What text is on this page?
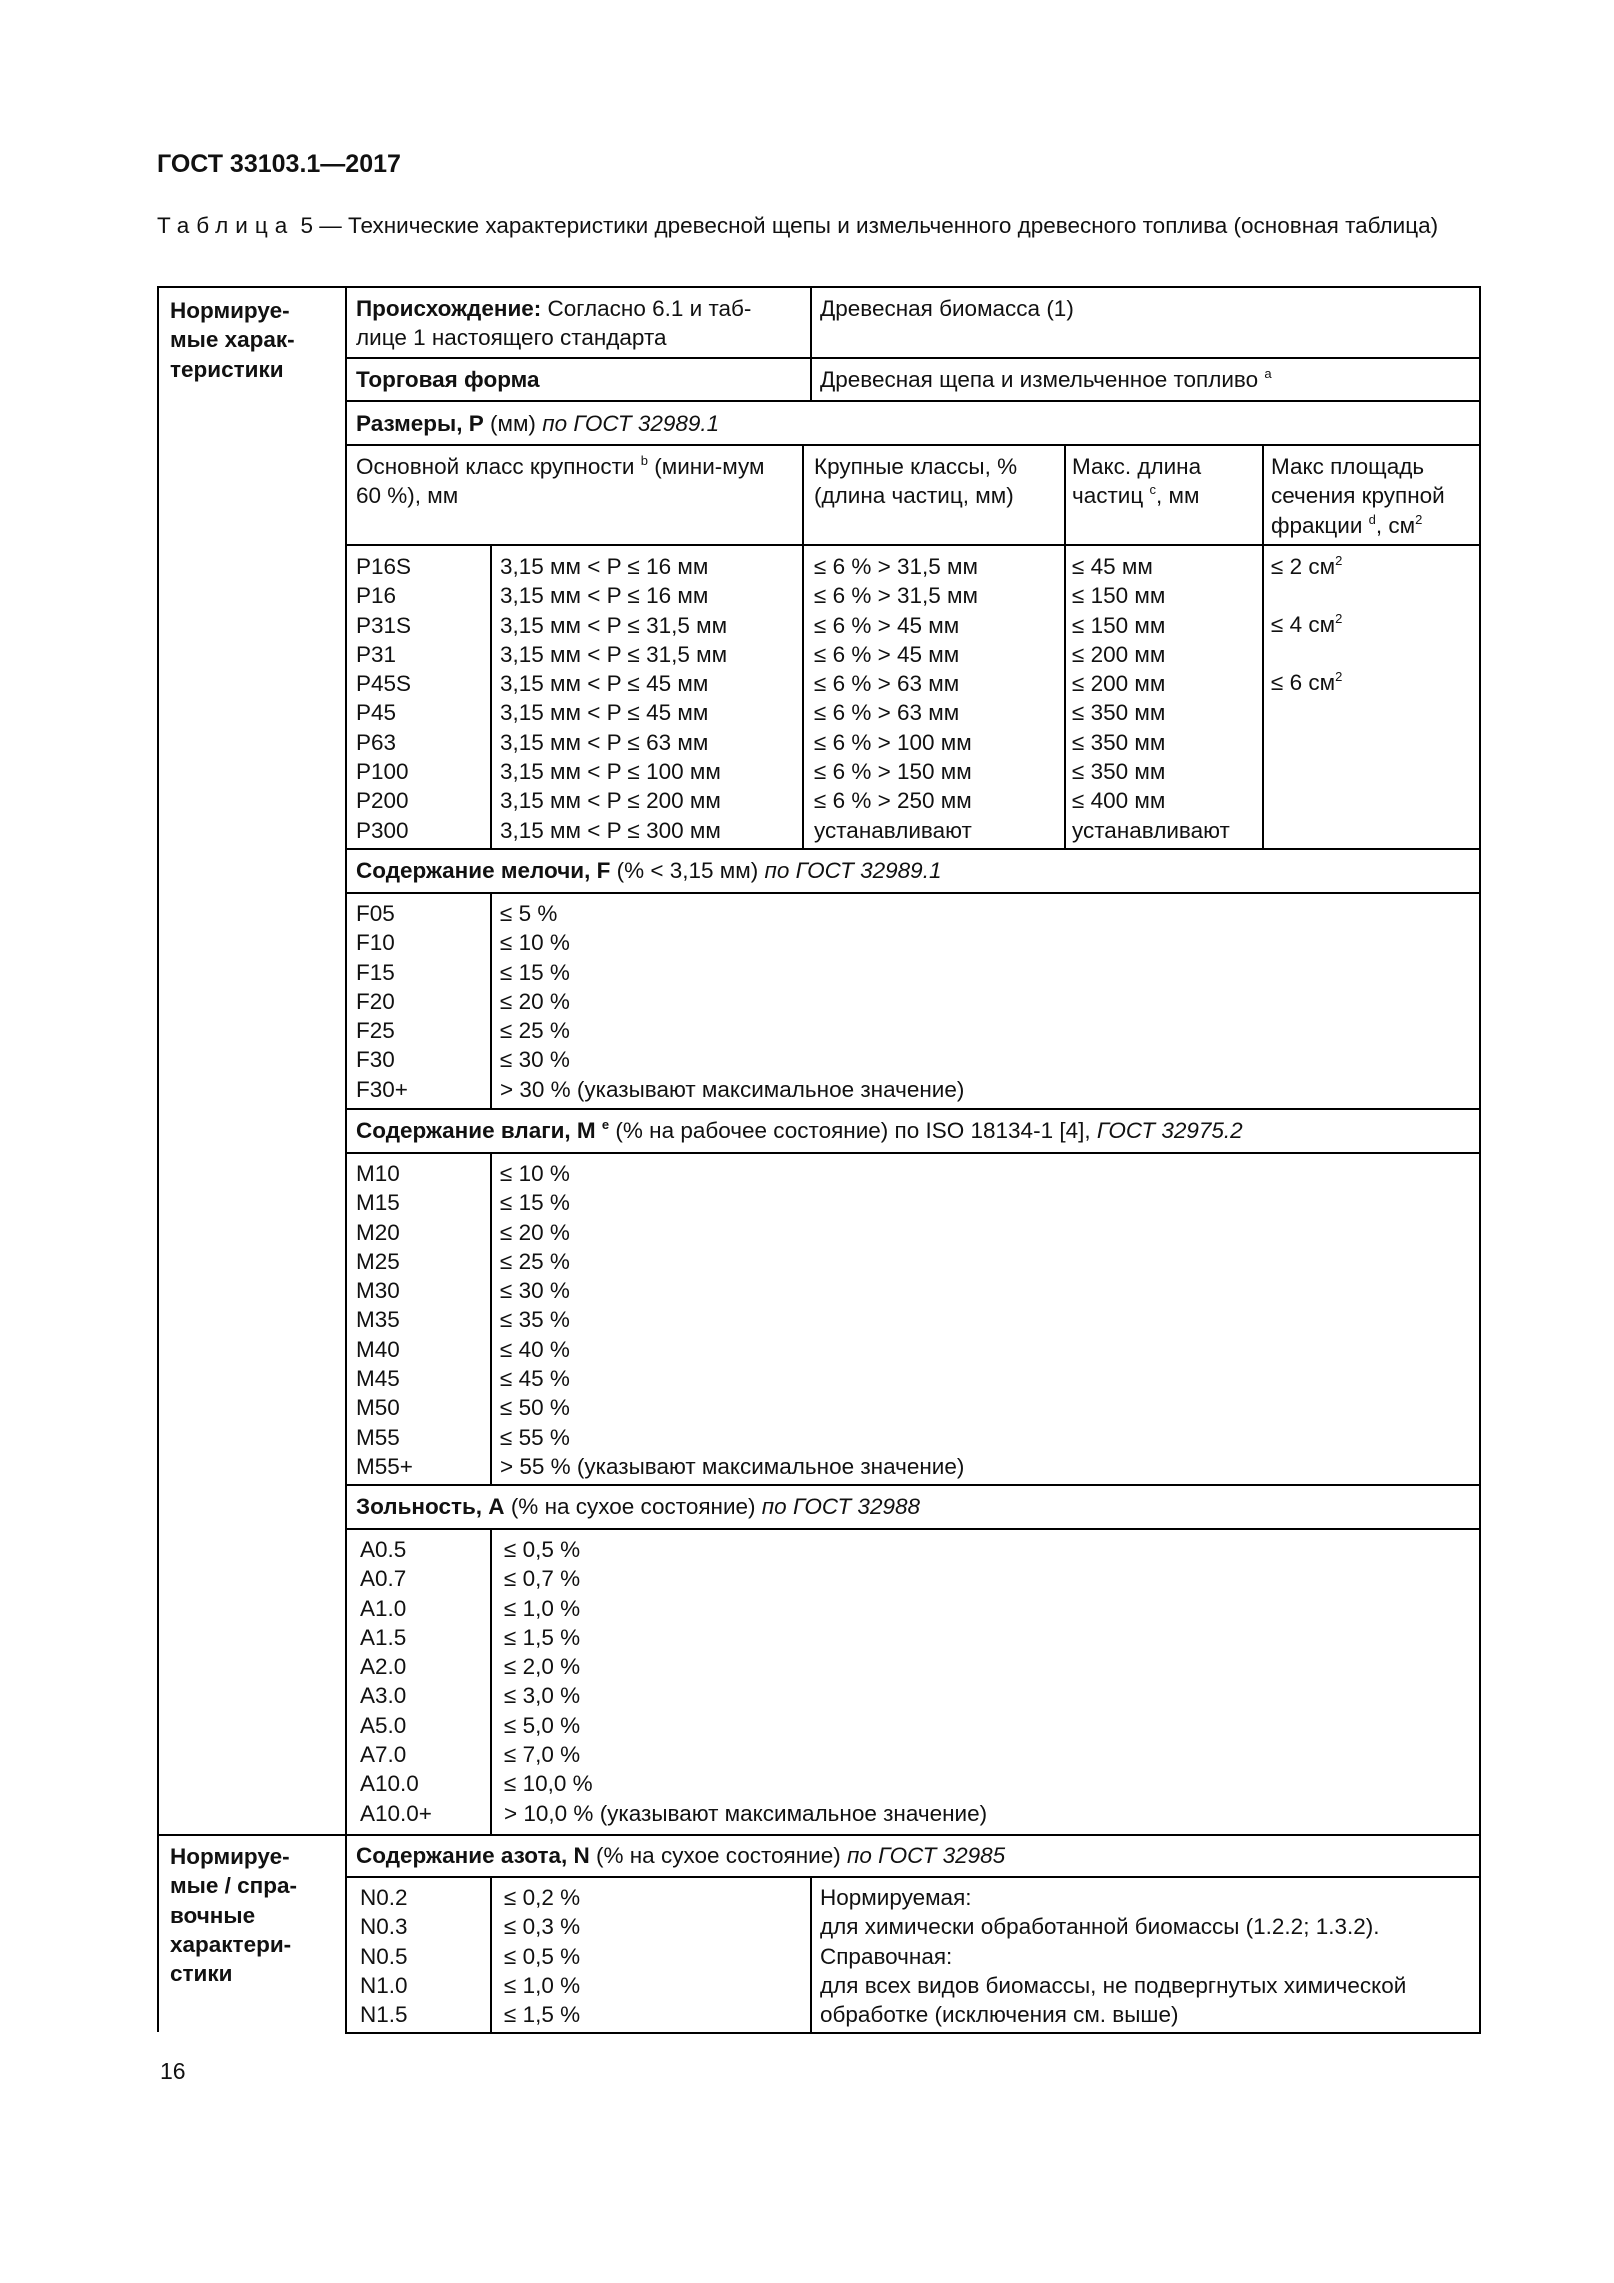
ГОСТ 33103.1—2017
Таблица 5 — Технические характеристики древесной щепы и измельченного древесного топлива (основная таблица)
Нормируе-
мые харак-
теристики
Нормируе-
мые / спра-
вочные
характери-
стики
Происхождение: Согласно 6.1 и таб-лице 1 настоящего стандарта
Древесная биомасса (1)
Торговая форма	Древесная щепа и измельченное топливо $^a$
Размеры, Р (мм) по ГОСТ 32989.1
Основной класс крупности $^b$ (мини-мум 60 %), мм
Крупные классы, % (длина частиц, мм)
Макс. длина частиц $^c$, мм
Макс площадь сечения крупной фракции $^d$, $см^2$
P16S
P16
P31S
P31
P45S
P45
P63
P100
P200
P300
3,15 мм < P ≤ 16 мм
3,15 мм < P ≤ 16 мм
3,15 мм < P ≤ 31,5 мм
3,15 мм < P ≤ 31,5 мм
3,15 мм < P ≤ 45 мм
3,15 мм < P ≤ 45 мм
3,15 мм < P ≤ 63 мм
3,15 мм < P ≤ 100 мм
3,15 мм < P ≤ 200 мм
3,15 мм < P ≤ 300 мм
≤ 6 % > 31,5 мм
≤ 6 % > 31,5 мм
≤ 6 % > 45 мм
≤ 6 % > 45 мм
≤ 6 % > 63 мм
≤ 6 % > 63 мм
≤ 6 % > 100 мм
≤ 6 % > 150 мм
≤ 6 % > 250 мм
устанавливают
≤ 45 мм
≤ 150 мм
≤ 150 мм
≤ 200 мм
≤ 200 мм
≤ 350 мм
≤ 350 мм
≤ 350 мм
≤ 400 мм
устанавливают
≤ 2 $см^2$
≤ 4 $см^2$
≤ 6 $см^2$
Содержание мелочи, F (% < 3,15 мм) по ГОСТ 32989.1
F05
F10
F15
F20
F25
F30
F30+
≤ 5 %
≤ 10 %
≤ 15 %
≤ 20 %
≤ 25 %
≤ 30 %
> 30 % (указывают максимальное значение)
Содержание влаги, М $^e$ (% на рабочее состояние) по ISO 18134-1 [4], ГОСТ 32975.2
M10
M15
M20
M25
M30
M35
M40
M45
M50
M55
M55+
≤ 10 %
≤ 15 %
≤ 20 %
≤ 25 %
≤ 30 %
≤ 35 %
≤ 40 %
≤ 45 %
≤ 50 %
≤ 55 %
> 55 % (указывают максимальное значение)
Зольность, А (% на сухое состояние) по ГОСТ 32988
A0.5
A0.7
A1.0
A1.5
A2.0
A3.0
A5.0
A7.0
A10.0
A10.0+
≤ 0,5 %
≤ 0,7 %
≤ 1,0 %
≤ 1,5 %
≤ 2,0 %
≤ 3,0 %
≤ 5,0 %
≤ 7,0 %
≤ 10,0 %
> 10,0 % (указывают максимальное значение)
Содержание азота, N (% на сухое состояние) по ГОСТ 32985
N0.2
N0.3
N0.5
N1.0
N1.5
≤ 0,2 %
≤ 0,3 %
≤ 0,5 %
≤ 1,0 %
≤ 1,5 %
Нормируемая:
для химически обработанной биомассы (1.2.2; 1.3.2).
Справочная:
для всех видов биомассы, не подвергнутых химической
обработке (исключения см. выше)
16
